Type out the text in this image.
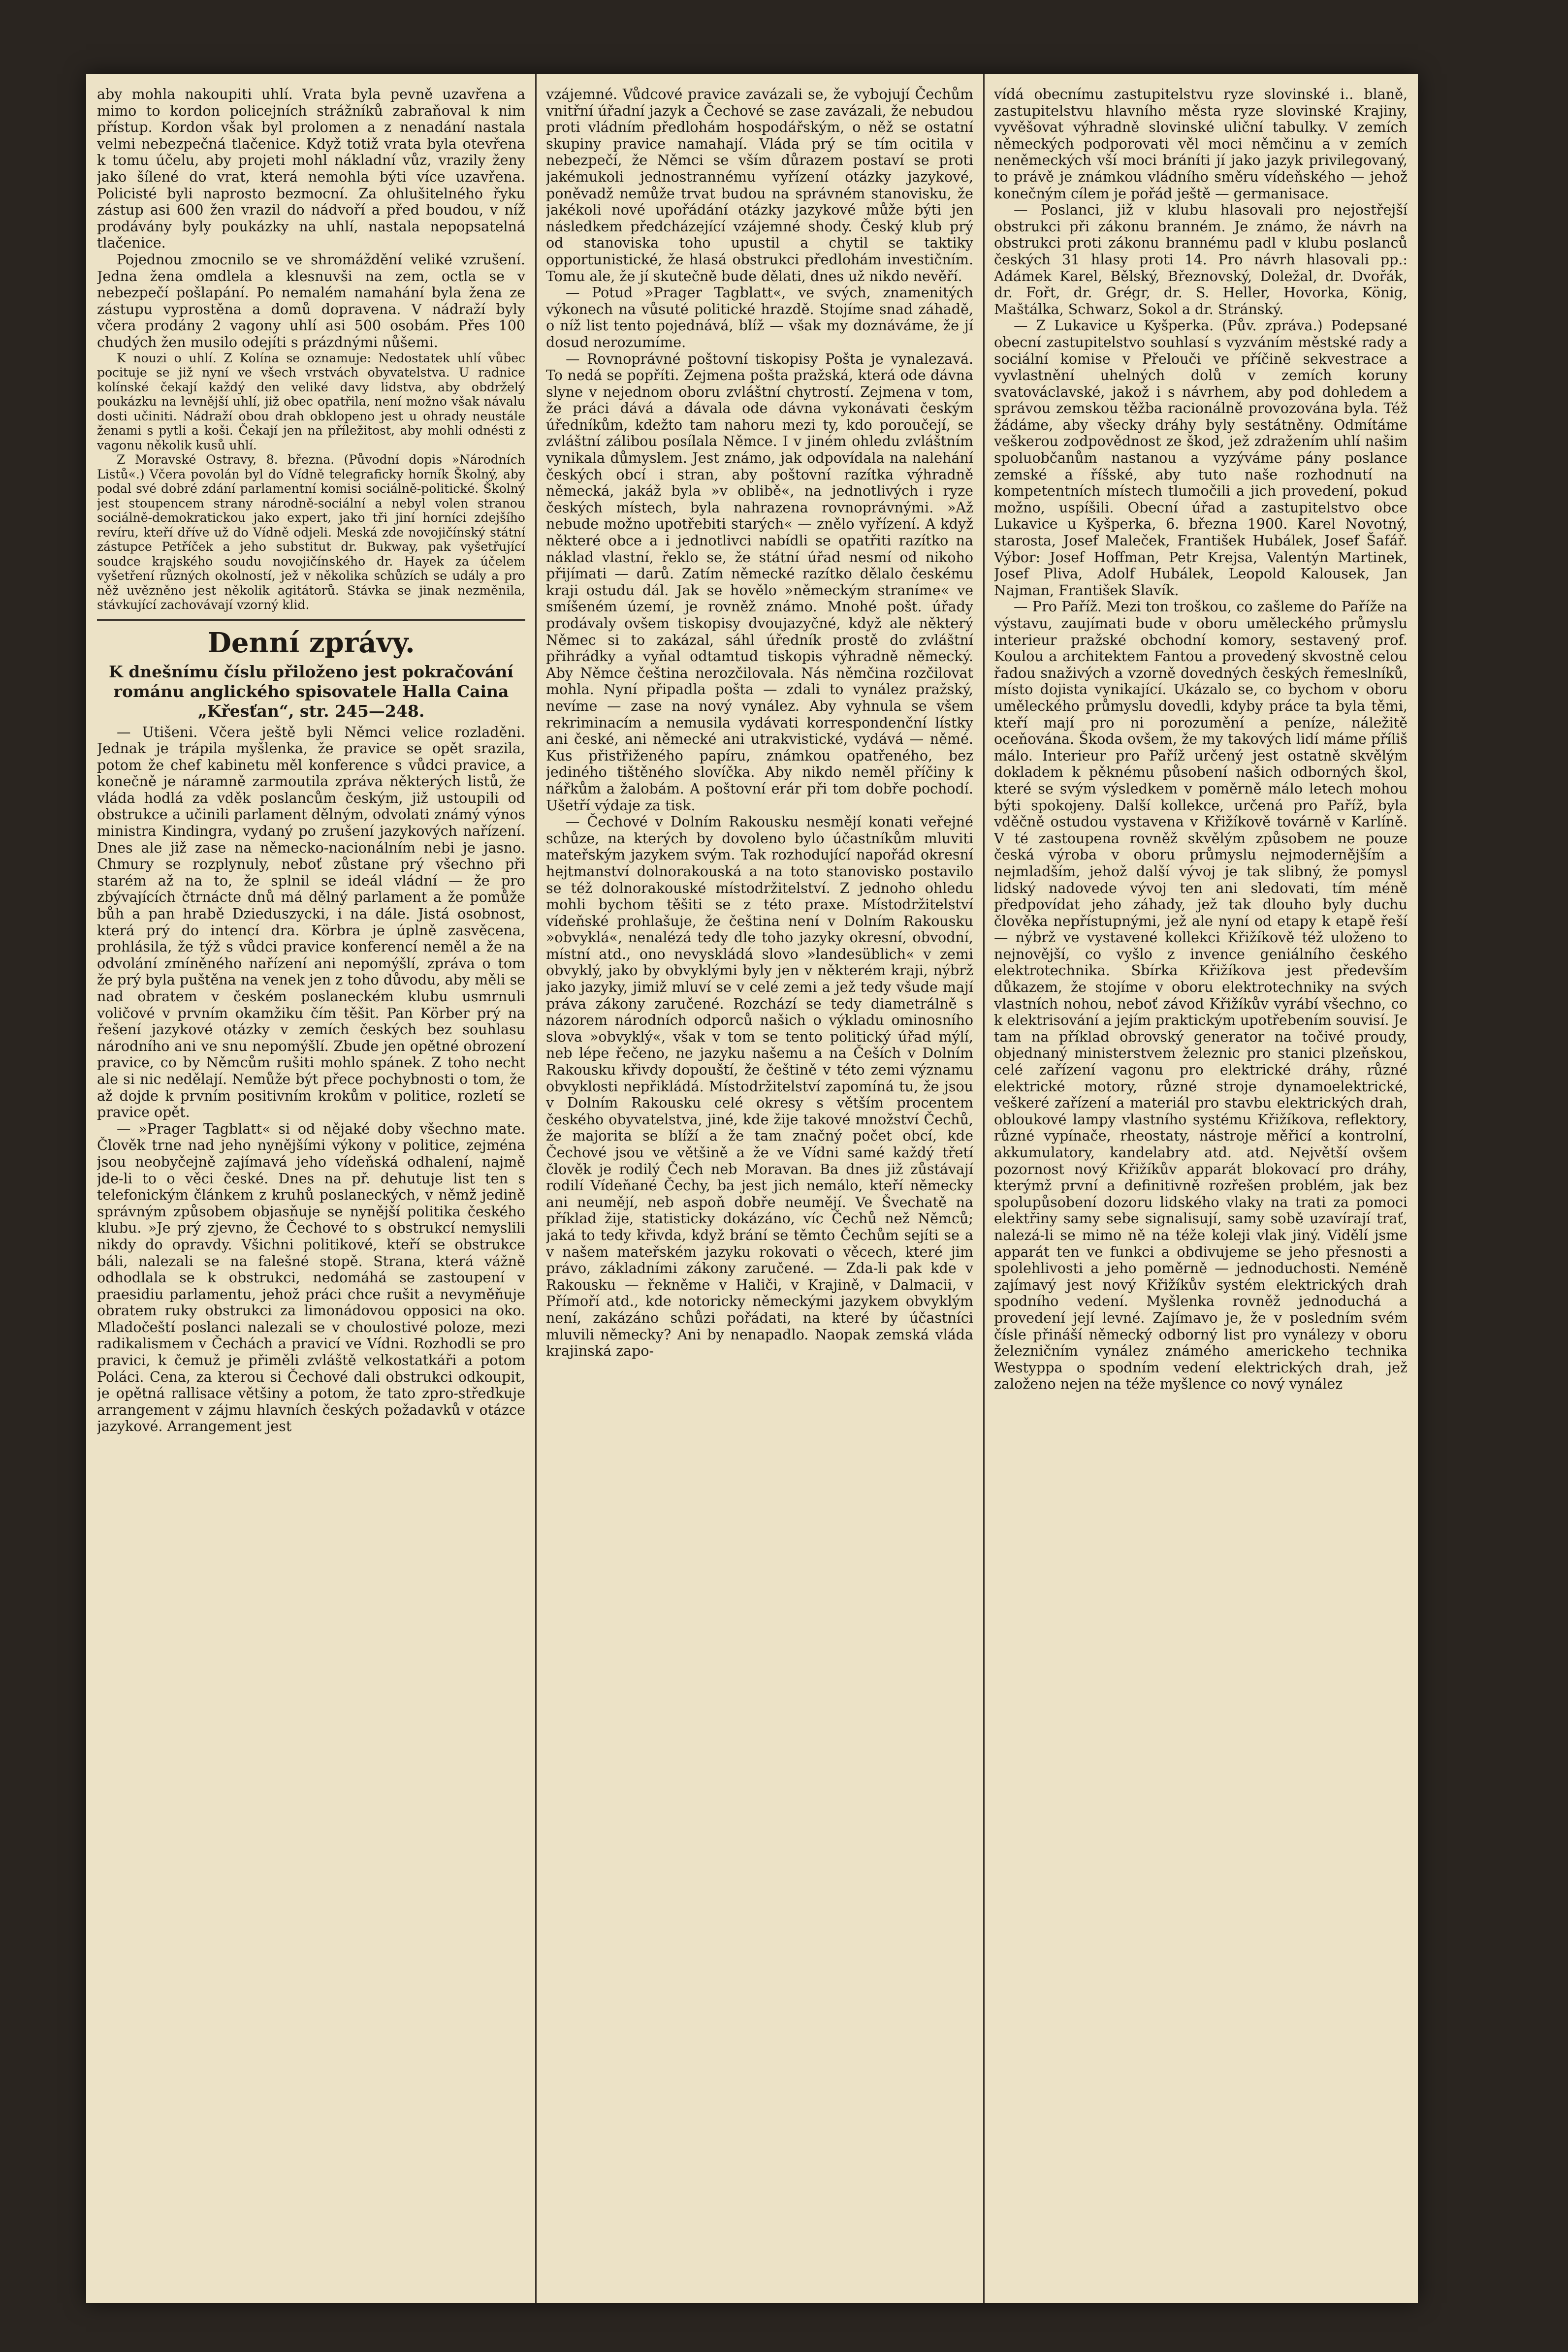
aby mohla nakoupiti uhlí. Vrata byla pevně uzavřena a mimo to kordon policejních strážníků zabraňoval k nim přístup. Kordon však byl prolomen a z nenadání nastala velmi nebezpečná tlačenice. Když totiž vrata byla otevřena k tomu účelu, aby projeti mohl nákladní vůz, vrazily ženy jako šílené do vrat, která nemohla býti více uzavřena. Policisté byli naprosto bezmocní. Za ohlušitelného řyku zástup asi 600 žen vrazil do nádvoří a před boudou, v níž prodávány byly poukázky na uhlí, nastala nepopsatelná tlačenice.

Pojednou zmocnilo se ve shromáždění veliké vzrušení. Jedna žena omdlela a klesnuvši na zem, octla se v nebezpečí pošlapání. Po nemalém namahání byla žena ze zástupu vyprostěna a domů dopravena. V nádraží byly včera prodány 2 vagony uhlí asi 500 osobám. Přes 100 chudých žen musilo odejíti s prázdnými nůšemi.

K nouzi o uhlí. Z Kolína se oznamuje: Nedostatek uhlí vůbec pocituje se již nyní ve všech vrstvách obyvatelstva. U radnice kolínské čekají každý den veliké davy lidstva, aby obdrželý poukázku na levnější uhlí, již obec opatřila, není možno však návalu dosti učiniti. Nádraží obou drah obklopeno jest u ohrady neustále ženami s pytli a koši. Čekají jen na příležitost, aby mohli odnésti z vagonu několik kusů uhlí.

Z Moravské Ostravy, 8. března. (Původní dopis »Národních Listů«.) Včera povolán byl do Vídně telegraficky horník Školný, aby podal své dobré zdání parlamentní komisi sociálně-politické. Školný jest stoupencem strany národně-sociální a nebyl volen stranou sociálně-demokratickou jako expert, jako tři jiní horníci zdejšího revíru, kteří dříve už do Vídně odjeli. Meská zde novojičínský státní zástupce Petříček a jeho substitut dr. Bukway, pak vyšetřující soudce krajského soudu novojičínského dr. Hayek za účelem vyšetření různých okolností, jež v několika schůzích se udály a pro něž uvězněno jest několik agitátorů. Stávka se jinak nezměnila, stávkující zachovávají vzorný klid.

Denní zprávy.
K dnešnímu číslu přiloženo jest pokračování románu anglického spisovatele Halla Caina „Křesťan“, str. 245—248.

— Utišeni. Včera ještě byli Němci velice rozladěni. Jednak je trápila myšlenka, že pravice se opět srazila, potom že chef kabinetu měl konference s vůdci pravice, a konečně je náramně zarmoutila zpráva některých listů, že vláda hodlá za vděk poslancům českým, již ustoupili od obstrukce a učinili parlament dělným, odvolati známý výnos ministra Kindingra, vydaný po zrušení jazykových nařízení. Dnes ale již zase na německo-nacionálním nebi je jasno. Chmury se rozplynuly, neboť zůstane prý všechno při starém až na to, že splnil se ideál vládní — že pro zbývajících čtrnácte dnů má dělný parlament a že pomůže bůh a pan hrabě Dzieduszycki, i na dále. Jistá osobnost, která prý do intencí dra. Körbra je úplně zasvěcena, prohlásila, že týž s vůdci pravice konferencí neměl a že na odvolání zmíněného nařízení ani nepomýšlí, zpráva o tom že prý byla puštěna na venek jen z toho důvodu, aby měli se nad obratem v českém poslaneckém klubu usmrnuli voličové v prvním okamžiku čím těšit. Pan Körber prý na řešení jazykové otázky v zemích českých bez souhlasu národního ani ve snu nepomýšlí. Zbude jen opětné obrození pravice, co by Němcům rušiti mohlo spánek. Z toho necht ale si nic nedělají. Nemůže být přece pochybnosti o tom, že až dojde k prvním positivním krokům v politice, rozletí se pravice opět.

— »Prager Tagblatt« si od nějaké doby všechno mate. Člověk trne nad jeho nynějšími výkony v politice, zejména jsou neobyčejně zajímavá jeho vídeňská odhalení, najmě jde-li to o věci české. Dnes na př. dehutuje list ten s telefonickým článkem z kruhů poslaneckých, v němž jedině správným způsobem objasňuje se nynější politika českého klubu. »Je prý zjevno, že Čechové to s obstrukcí nemyslili nikdy do opravdy. Všichni politikové, kteří se obstrukce báli, nalezali se na falešné stopě. Strana, která vážně odhodlala se k obstrukci, nedomáhá se zastoupení v praesidiu parlamentu, jehož práci chce rušit a nevyměňuje obratem ruky obstrukci za limonádovou opposici na oko. Mladočeští poslanci nalezali se v choulostivé poloze, mezi radikalismem v Čechách a pravicí ve Vídni. Rozhodli se pro pravici, k čemuž je přiměli zvláště velkostatkáři a potom Poláci. Cena, za kterou si Čechové dali obstrukci odkoupit, je opětná rallisace většiny a potom, že tato zpro-středkuje arrangement v zájmu hlavních českých požadavků v otázce jazykové. Arrangement jest

vzájemné. Vůdcové pravice zavázali se, že vybojují Čechům vnitřní úřadní jazyk a Čechové se zase zavázali, že nebudou proti vládním předlohám hospodářským, o něž se ostatní skupiny pravice namahají. Vláda prý se tím ocitila v nebezpečí, že Němci se vším důrazem postaví se proti jakémukoli jednostrannému vyřízení otázky jazykové, poněvadž nemůže trvat budou na správném stanovisku, že jakékoli nové upořádání otázky jazykové může býti jen následkem předcházející vzájemné shody. Český klub prý od stanoviska toho upustil a chytil se taktiky opportunistické, že hlasá obstrukci předlohám investičním. Tomu ale, že jí skutečně bude dělati, dnes už nikdo nevěří.

— Potud »Prager Tagblatt«, ve svých, znamenitých výkonech na vůsuté politické hrazdě. Stojíme snad záhadě, o níž list tento pojednává, blíž — však my doznáváme, že jí dosud nerozumíme.

— Rovnoprávné poštovní tiskopisy Pošta je vynalezavá. To nedá se popříti. Zejmena pošta pražská, která ode dávna slyne v nejednom oboru zvláštní chytrostí. Zejmena v tom, že práci dává a dávala ode dávna vykonávati českým úředníkům, kdežto tam nahoru mezi ty, kdo poroučejí, se zvláštní zálibou posílala Němce. I v jiném ohledu zvláštním vynikala důmyslem. Jest známo, jak odpovídala na nalehání českých obcí i stran, aby poštovní razítka výhradně německá, jakáž byla »v oblibě«, na jednotlivých i ryze českých místech, byla nahrazena rovnoprávnými. »Až nebude možno upotřebiti starých« — znělo vyřízení. A když některé obce a i jednotlivci nabídli se opatřiti razítko na náklad vlastní, řeklo se, že státní úřad nesmí od nikoho přijímati — darů. Zatím německé razítko dělalo českému kraji ostudu dál. Jak se hovělo »německým straníme« ve smíšeném území, je rovněž známo. Mnohé pošt. úřady prodávaly ovšem tiskopisy dvoujazyčné, když ale některý Němec si to zakázal, sáhl úředník prostě do zvláštní přihrádky a vyňal odtamtud tiskopis výhradně německý. Aby Němce čeština nerozčilovala. Nás němčina rozčilovat mohla. Nyní připadla pošta — zdali to vynález pražský, nevíme — zase na nový vynález. Aby vyhnula se všem rekriminacím a nemusila vydávati korrespondenční lístky ani české, ani německé ani utrakvistické, vydává — němé. Kus přistřiženého papíru, známkou opatřeného, bez jediného tištěného slovíčka. Aby nikdo neměl příčiny k nářkům a žalobám. A poštovní erár při tom dobře pochodí. Ušetří výdaje za tisk.

— Čechové v Dolním Rakousku nesmějí konati veřejné schůze, na kterých by dovoleno bylo účastníkům mluviti mateřským jazykem svým. Tak rozhodující napořád okresní hejtmanství dolnorakouská a na toto stanovisko postavilo se též dolnorakouské místodržitelství. Z jednoho ohledu mohli bychom těšiti se z této praxe. Místodržitelství vídeňské prohlašuje, že čeština není v Dolním Rakousku »obvyklá«, nenalézá tedy dle toho jazyky okresní, obvodní, místní atd., ono nevyskládá slovo »landesüblich« v zemi obvyklý, jako by obvyklými byly jen v některém kraji, nýbrž jako jazyky, jimiž mluví se v celé zemi a jež tedy všude mají práva zákony zaručené. Rozchází se tedy diametrálně s názorem národních odporců našich o výkladu ominosního slova »obvyklý«, však v tom se tento politický úřad mýlí, neb lépe řečeno, ne jazyku našemu a na Češích v Dolním Rakousku křivdy dopouští, že češtině v této zemi významu obvyklosti nepřikládá. Místodržitelství zapomíná tu, že jsou v Dolním Rakousku celé okresy s větším procentem českého obyvatelstva, jiné, kde žije takové množství Čechů, že majorita se blíží a že tam značný počet obcí, kde Čechové jsou ve většině a že ve Vídni samé každý třetí člověk je rodilý Čech neb Moravan. Ba dnes již zůstávají rodilí Vídeňané Čechy, ba jest jich nemálo, kteří německy ani neumějí, neb aspoň dobře neumějí. Ve Švechatě na příklad žije, statisticky dokázáno, víc Čechů než Němců; jaká to tedy křivda, když brání se těmto Čechům sejíti se a v našem mateřském jazyku rokovati o věcech, které jim právo, základními zákony zaručené. — Zda-li pak kde v Rakousku — řekněme v Haliči, v Krajině, v Dalmacii, v Přímoří atd., kde notoricky německými jazykem obvyklým není, zakázáno schůzi pořádati, na které by účastníci mluvili německy? Ani by nenapadlo. Naopak zemská vláda krajinská zapo-

vídá obecnímu zastupitelstvu ryze slovinské i.. blaně, zastupitelstvu hlavního města ryze slovinské Krajiny, vyvěšovat výhradně slovinské uliční tabulky. V zemích německých podporovati věl moci němčinu a v zemích neněmeckých vší moci bráníti jí jako jazyk privilegovaný, to právě je známkou vládního směru vídeňského — jehož konečným cílem je pořád ještě — germanisace.

— Poslanci, již v klubu hlasovali pro nejostřejší obstrukci při zákonu branném. Je známo, že návrh na obstrukci proti zákonu brannému padl v klubu poslanců českých 31 hlasy proti 14. Pro návrh hlasovali pp.: Adámek Karel, Bělský, Březnovský, Doležal, dr. Dvořák, dr. Fořt, dr. Grégr, dr. S. Heller, Hovorka, König, Maštálka, Schwarz, Sokol a dr. Stránský.

— Z Lukavice u Kyšperka. (Pův. zpráva.) Podepsané obecní zastupitelstvo souhlasí s vyzváním městské rady a sociální komise v Přelouči ve příčině sekvestrace a vyvlastnění uhelných dolů v zemích koruny svatováclavské, jakož i s návrhem, aby pod dohledem a správou zemskou těžba racionálně provozována byla. Též žádáme, aby všecky dráhy byly sestátněny. Odmítáme veškerou zodpovědnost ze škod, jež zdražením uhlí našim spoluobčanům nastanou a vyzýváme pány poslance zemské a říšské, aby tuto naše rozhodnutí na kompetentních místech tlumočili a jich provedení, pokud možno, uspíšili. Obecní úřad a zastupitelstvo obce Lukavice u Kyšperka, 6. března 1900. Karel Novotný, starosta, Josef Maleček, František Hubálek, Josef Šafář. Výbor: Josef Hoffman, Petr Krejsa, Valentýn Martinek, Josef Pliva, Adolf Hubálek, Leopold Kalousek, Jan Najman, František Slavík.

— Pro Paříž. Mezi ton troškou, co zašleme do Paříže na výstavu, zaujímati bude v oboru uměleckého průmyslu interieur pražské obchodní komory, sestavený prof. Koulou a architektem Fantou a provedený skvostně celou řadou snaživých a vzorně dovedných českých řemeslníků, místo dojista vynikající. Ukázalo se, co bychom v oboru uměleckého průmyslu dovedli, kdyby práce ta byla těmi, kteří mají pro ni porozumění a peníze, náležitě oceňována. Škoda ovšem, že my takových lidí máme příliš málo. Interieur pro Paříž určený jest ostatně skvělým dokladem k pěknému působení našich odborných škol, které se svým výsledkem v poměrně málo letech mohou býti spokojeny. Další kollekce, určená pro Paříž, byla vděčně ostudou vystavena v Křižíkově továrně v Karlíně. V té zastoupena rovněž skvělým způsobem ne pouze česká výroba v oboru průmyslu nejmodernějším a nejmladším, jehož další vývoj je tak slibný, že pomysl lidský nadovede vývoj ten ani sledovati, tím méně předpovídat jeho záhady, jež tak dlouho byly duchu člověka nepřístupnými, jež ale nyní od etapy k etapě řeší — nýbrž ve vystavené kollekci Křižíkově též uloženo to nejnovější, co vyšlo z invence geniálního českého elektrotechnika. Sbírka Křižíkova jest především důkazem, že stojíme v oboru elektrotechniky na svých vlastních nohou, neboť závod Křižíkův vyrábí všechno, co k elektrisování a jejím praktickým upotřebením souvisí. Je tam na příklad obrovský generator na točivé proudy, objednaný ministerstvem železnic pro stanici plzeňskou, celé zařízení vagonu pro elektrické dráhy, různé elektrické motory, různé stroje dynamoelektrické, veškeré zařízení a materiál pro stavbu elektrických drah, obloukové lampy vlastního systému Křižíkova, reflektory, různé vypínače, rheostaty, nástroje měřicí a kontrolní, akkumulatory, kandelabry atd. atd. Největší ovšem pozornost nový Křižíkův apparát blokovací pro dráhy, kterýmž první a definitivně rozřešen problém, jak bez spolupůsobení dozoru lidského vlaky na trati za pomoci elektřiny samy sebe signalisují, samy sobě uzavírají trať, nalezá-li se mimo ně na téže koleji vlak jiný. Vidělí jsme apparát ten ve funkci a obdivujeme se jeho přesnosti a spolehlivosti a jeho poměrně — jednoduchosti. Neméně zajímavý jest nový Křižíkův systém elektrických drah spodního vedení. Myšlenka rovněž jednoduchá a provedení její levné. Zajímavo je, že v posledním svém čísle přináší německý odborný list pro vynálezy v oboru železničním vynález známého americkeho technika Westyppa o spodním vedení elektrických drah, jež založeno nejen na téže myšlence co nový vynález
